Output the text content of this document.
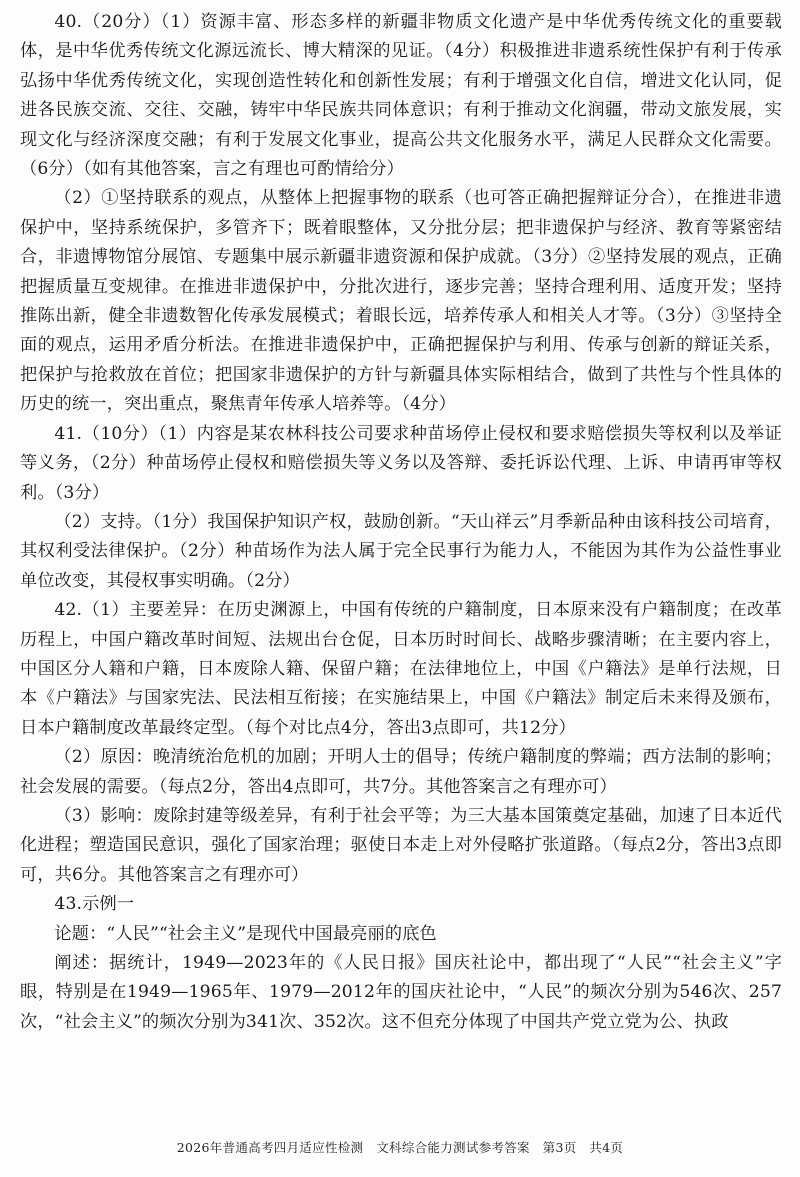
40.（20分）（1）资源丰富、形态多样的新疆非物质文化遗产是中华优秀传统文化的重要载体，是中华优秀传统文化源远流长、博大精深的见证。（4分）积极推进非遗系统性保护有利于传承弘扬中华优秀传统文化，实现创造性转化和创新性发展；有利于增强文化自信，增进文化认同，促进各民族交流、交往、交融，铸牢中华民族共同体意识；有利于推动文化润疆，带动文旅发展，实现文化与经济深度交融；有利于发展文化事业，提高公共文化服务水平，满足人民群众文化需要。（6分）（如有其他答案，言之有理也可酌情给分）

（2）①坚持联系的观点，从整体上把握事物的联系（也可答正确把握辩证分合），在推进非遗保护中，坚持系统保护，多管齐下；既着眼整体，又分批分层；把非遗保护与经济、教育等紧密结合，非遗博物馆分展馆、专题集中展示新疆非遗资源和保护成就。（3分）②坚持发展的观点，正确把握质量互变规律。在推进非遗保护中，分批次进行，逐步完善；坚持合理利用、适度开发；坚持推陈出新，健全非遗数智化传承发展模式；着眼长远，培养传承人和相关人才等。（3分）③坚持全面的观点，运用矛盾分析法。在推进非遗保护中，正确把握保护与利用、传承与创新的辩证关系，把保护与抢救放在首位；把国家非遗保护的方针与新疆具体实际相结合，做到了共性与个性具体的历史的统一，突出重点，聚焦青年传承人培养等。（4分）

41.（10分）（1）内容是某农林科技公司要求种苗场停止侵权和要求赔偿损失等权利以及举证等义务，（2分）种苗场停止侵权和赔偿损失等义务以及答辩、委托诉讼代理、上诉、申请再审等权利。（3分）

（2）支持。（1分）我国保护知识产权，鼓励创新。“天山祥云”月季新品种由该科技公司培育，其权利受法律保护。（2分）种苗场作为法人属于完全民事行为能力人，不能因为其作为公益性事业单位改变，其侵权事实明确。（2分）

42.（1）主要差异：在历史渊源上，中国有传统的户籍制度，日本原来没有户籍制度；在改革历程上，中国户籍改革时间短、法规出台仓促，日本历时时间长、战略步骤清晰；在主要内容上，中国区分人籍和户籍，日本废除人籍、保留户籍；在法律地位上，中国《户籍法》是单行法规，日本《户籍法》与国家宪法、民法相互衔接；在实施结果上，中国《户籍法》制定后未来得及颁布，日本户籍制度改革最终定型。（每个对比点4分，答出3点即可，共12分）

（2）原因：晚清统治危机的加剧；开明人士的倡导；传统户籍制度的弊端；西方法制的影响；社会发展的需要。（每点2分，答出4点即可，共7分。其他答案言之有理亦可）

（3）影响：废除封建等级差异，有利于社会平等；为三大基本国策奠定基础，加速了日本近代化进程；塑造国民意识，强化了国家治理；驱使日本走上对外侵略扩张道路。（每点2分，答出3点即可，共6分。其他答案言之有理亦可）

43.示例一

论题：“人民”“社会主义”是现代中国最亮丽的底色

阐述：据统计，1949—2023年的《人民日报》国庆社论中，都出现了“人民”“社会主义”字眼，特别是在1949—1965年、1979—2012年的国庆社论中，“人民”的频次分别为546次、257次，“社会主义”的频次分别为341次、352次。这不但充分体现了中国共产党立党为公、执政

2026年普通高考四月适应性检测   文科综合能力测试参考答案   第3页   共4页
